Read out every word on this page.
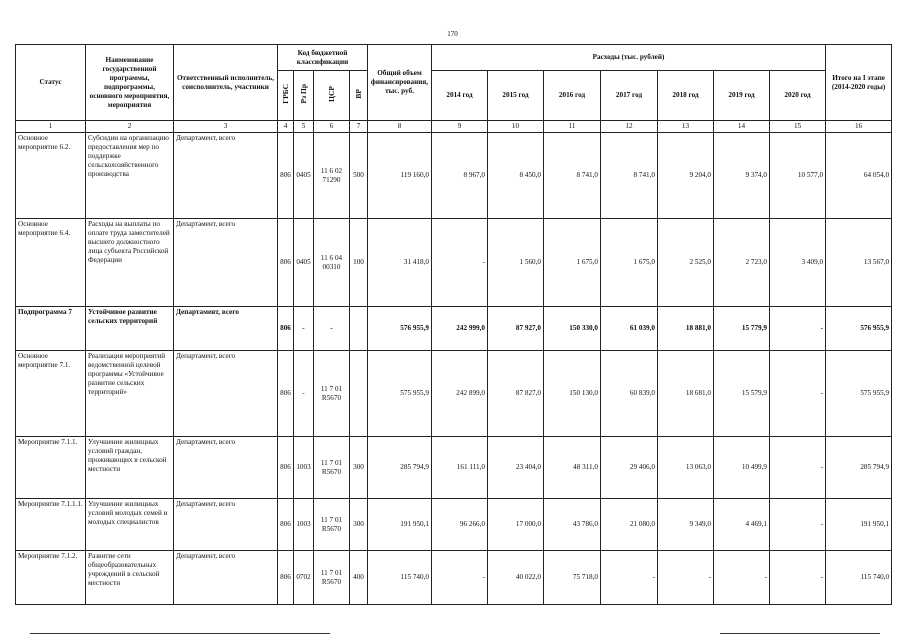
170
Статус	Наименование государственной программы, подпрограммы, основного мероприятия, мероприятия	Ответственный исполнитель, соисполнитель, участники	Код бюджетной классификации				Общий объем финансирования, тыс. руб.	Расходы (тыс. рублей)							Итого на I этапе (2014-2020 годы)
			ГРБС	Рз Пр	ЦСР	ВР		2014 год	2015 год	2016 год	2017 год	2018 год	2019 год	2020 год	
1	2	3	4	5	6	7	8	9	10	11	12	13	14	15	16
Основное мероприятие 6.2.	Субсидии на организацию предоставления мер по поддержке сельскохозяйственного производства	Департамент, всего	806	0405	11 6 02 71290	500	119 160,0	8 967,0	8 450,0	8 741,0	8 741,0	9 204,0	9 374,0	10 577,0	64 054,0
Основное мероприятие 6.4.	Расходы на выплаты по оплате труда заместителей высшего должностного лица субъекта Российской Федерации	Департамент, всего	806	0405	11 6 04 00310	100	31 418,0	-	1 560,0	1 675,0	1 675,0	2 525,0	2 723,0	3 409,0	13 567,0
Подпрограмма 7	Устойчивое развитие сельских территорий	Департамент, всего	806	-	-		576 955,9	242 999,0	87 927,0	150 330,0	61 039,0	18 881,0	15 779,9	-	576 955,9
Основное мероприятие 7.1.	Реализация мероприятий ведомственной целевой программы «Устойчивое развитие сельских территорий»	Департамент, всего	806	-	11 7 01 R5670		575 955,9	242 899,0	87 827,0	150 130,0	60 839,0	18 681,0	15 579,9	-	575 955,9
Мероприятие 7.1.1.	Улучшение жилищных условий граждан, проживающих в сельской местности	Департамент, всего	806	1003	11 7 01 R5670	300	285 794,9	161 111,0	23 404,0	48 311,0	29 406,0	13 063,0	10 499,9	-	285 794,9
Мероприятие 7.1.1.1.	Улучшение жилищных условий молодых семей и молодых специалистов	Департамент, всего	806	1003	11 7 01 R5670	300	191 950,1	96 266,0	17 000,0	43 786,0	21 080,0	9 349,0	4 469,1	-	191 950,1
Мероприятие 7.1.2.	Развитие сети общеобразовательных учреждений в сельской местности	Департамент, всего	806	0702	11 7 01 R5670	400	115 740,0	-	40 022,0	75 718,0	-	-	-	-	115 740,0
